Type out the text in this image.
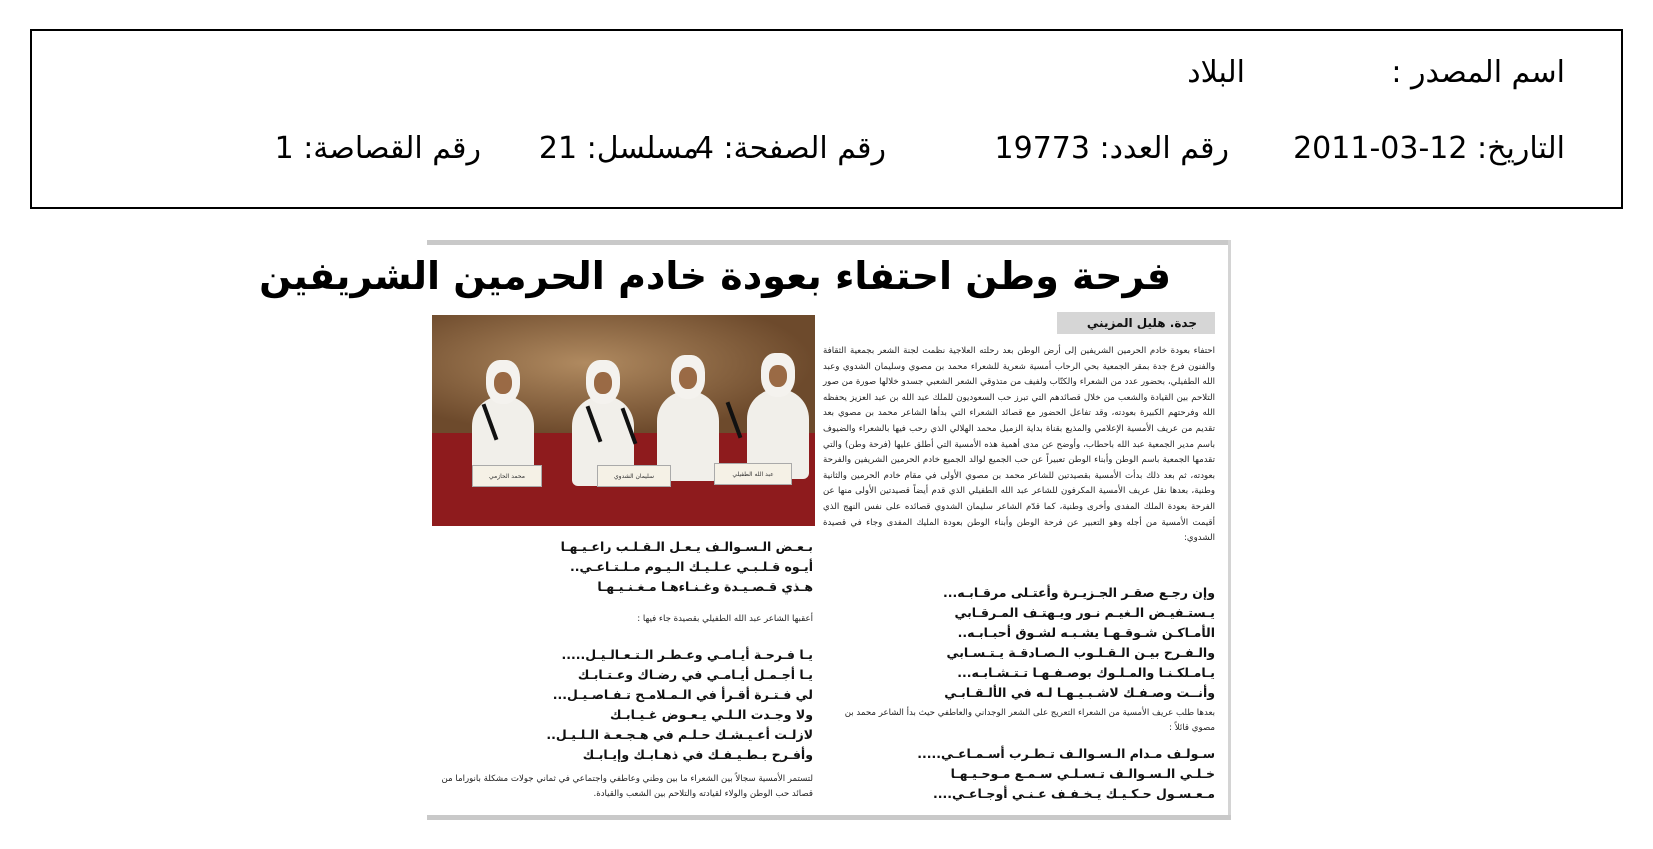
اسم المصدر :
البلاد
التاريخ: 12-03-2011
رقم العدد: 19773
رقم الصفحة: 4
مسلسل: 21
رقم القصاصة: 1
فرحة وطن احتفاء بعودة خادم الحرمين الشريفين
جدة. هليل المزيني
محمد الحازمي	سليمان الشدوي	عبد الله الطفيلي
احتفاء بعودة خادم الحرمين الشريفين إلى أرض الوطن بعد رحلته العلاجية نظمت لجنة الشعر بجمعية الثقافة والفنون فرع جدة بمقر الجمعية بحي الرحاب أمسية شعرية للشعراء محمد بن مصوي وسليمان الشدوي وعبد الله الطفيلي، بحضور عدد من الشعراء والكتّاب ولفيف من متذوقي الشعر الشعبي جسدو خلالها صورة من صور التلاحم بين القيادة والشعب من خلال قصائدهم التي تبرز حب السعوديون للملك عبد الله بن عبد العزيز يحفظه الله وفرحتهم الكبيرة بعودته، وقد تفاعل الحضور مع قصائد الشعراء التي بدأها الشاعر محمد بن مصوي بعد تقديم من عريف الأمسية الإعلامي والمذيع بقناة بداية الزميل محمد الهلالي الذي رحب فيها بالشعراء والضيوف باسم مدير الجمعية عبد الله باحطاب، وأوضح عن مدى أهمية هذه الأمسية التي أطلق عليها (فرحة وطن) والتي تقدمها الجمعية باسم الوطن وأبناء الوطن تعبيراً عن حب الجميع لوالد الجميع خادم الحرمين الشريفين والفرحة بعودته، ثم بعد ذلك بدأت الأمسية بقصيدتين للشاعر محمد بن مصوي الأولى في مقام خادم الحرمين والثانية وطنية، بعدها نقل عريف الأمسية المكرفون للشاعر عبد الله الطفيلي الذي قدم أيضاً قصيدتين الأولى منها عن الفرحة بعودة الملك المفدى وأخرى وطنية، كما قدّم الشاعر سليمان الشدوي قصائده على نفس النهج الذي أقيمت الأمسية من أجله وهو التعبير عن فرحة الوطن وأبناء الوطن بعودة المليك المفدى وجاء في قصيدة الشدوي:
وإن رجـع صقـر الجـزيـرة وأعتـلى مرقـابـه...
يـستـفيـض الـغيـم نـور ويـهتـف المـرقـابي
الأمـاكـن شـوقـهـا يشـبـه لشـوق أحبـابـه..
والـفـرح بيـن الـقـلـوب الـصـادقـة يـتـسـابي
يـامـلكـنـا والمـلـوك بوصـفـهـا تـتـشـابـه...
وأنــت وصـفـك لاشـبـيـهـا لـه في الألـقـابـي
بعدها طلب عريف الأمسية من الشعراء التعريج على الشعر الوجداني والعاطفي حيث بدأ الشاعر محمد بن مصوي قائلاً :
سـولـف مـدام الـسـوالـف تـطـرب أسـمـاعـي.....
خـلـي الـسـوالـف تـسـلـي سـمـع مـوحـيـهـا
مـعـسـول حـكـيـك يـخـفـف عـنـي أوجـاعـي....
بـعـض الـسـوالـف يـعـل الـقـلـب راعـيـهـا
أيـوه قـلـبـي عـلـيـك الـيـوم مـلـتـاعـي..
هـذي قـصـيـدة وغـنـاءهـا مـغـنـيـهـا
أعقبها الشاعر عبد الله الطفيلي بقصيدة جاء فيها :
يـا فـرحـة أيـامـي وعـطـر الـتـعـالـيـل.....
يـا أجـمـل أيـامـي في رضـاك وعـتـابـك
لي فـتـرة أقـرأ في الـمـلامـح تـفـاصـيـل...
ولا وجـدت الـلـي يـعـوض غـيـابـك
لازلـت أعـيـشـك حـلـم في هـجـعـة الـلـيـل..
وأفـرح بـطـيـفـك في ذهـابـك وإيـابـك
لتستمر الأمسية سجالاً بين الشعراء ما بين وطني وعاطفي واجتماعي في ثماني جولات مشكلة بانوراما من قصائد حب الوطن والولاء لقيادته والتلاحم بين الشعب والقيادة.
